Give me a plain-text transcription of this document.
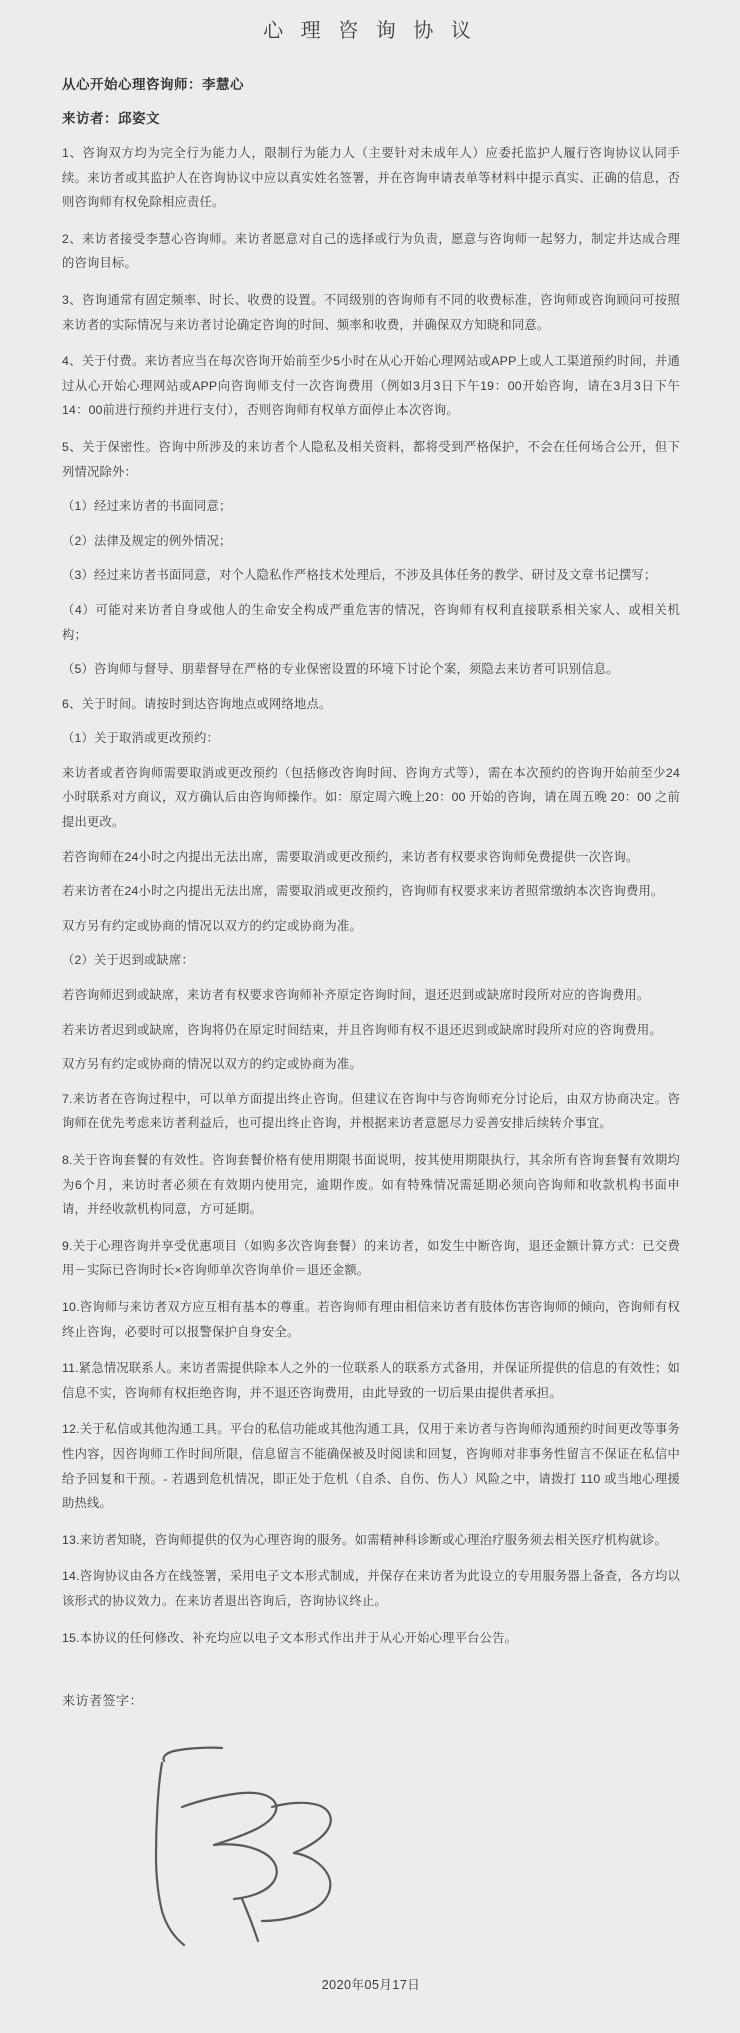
心 理 咨 询 协 议
从心开始心理咨询师：李慧心
来访者：邱姿文

1、咨询双方均为完全行为能力人，限制行为能力人（主要针对未成年人）应委托监护人履行咨询协议认同手续。来访者或其监护人在咨询协议中应以真实姓名签署，并在咨询申请表单等材料中提示真实、正确的信息，否则咨询师有权免除相应责任。

2、来访者接受李慧心咨询师。来访者愿意对自己的选择或行为负责，愿意与咨询师一起努力，制定并达成合理的咨询目标。

3、咨询通常有固定频率、时长、收费的设置。不同级别的咨询师有不同的收费标准，咨询师或咨询顾问可按照来访者的实际情况与来访者讨论确定咨询的时间、频率和收费，并确保双方知晓和同意。

4、关于付费。来访者应当在每次咨询开始前至少5小时在从心开始心理网站或APP上或人工渠道预约时间，并通过从心开始心理网站或APP向咨询师支付一次咨询费用（例如3月3日下午19：00开始咨询，请在3月3日下午14：00前进行预约并进行支付），否则咨询师有权单方面停止本次咨询。

5、关于保密性。咨询中所涉及的来访者个人隐私及相关资料，都将受到严格保护，不会在任何场合公开，但下列情况除外：

（1）经过来访者的书面同意；

（2）法律及规定的例外情况；

（3）经过来访者书面同意，对个人隐私作严格技术处理后，不涉及具体任务的教学、研讨及文章书记撰写；

（4）可能对来访者自身或他人的生命安全构成严重危害的情况，咨询师有权利直接联系相关家人、或相关机构；

（5）咨询师与督导、朋辈督导在严格的专业保密设置的环境下讨论个案，须隐去来访者可识别信息。

6、关于时间。请按时到达咨询地点或网络地点。

（1）关于取消或更改预约：

来访者或者咨询师需要取消或更改预约（包括修改咨询时间、咨询方式等），需在本次预约的咨询开始前至少24小时联系对方商议，双方确认后由咨询师操作。如：原定周六晚上20：00 开始的咨询，请在周五晚 20：00 之前提出更改。

若咨询师在24小时之内提出无法出席，需要取消或更改预约，来访者有权要求咨询师免费提供一次咨询。

若来访者在24小时之内提出无法出席，需要取消或更改预约，咨询师有权要求来访者照常缴纳本次咨询费用。

双方另有约定或协商的情况以双方的约定或协商为准。

（2）关于迟到或缺席：

若咨询师迟到或缺席，来访者有权要求咨询师补齐原定咨询时间，退还迟到或缺席时段所对应的咨询费用。

若来访者迟到或缺席，咨询将仍在原定时间结束，并且咨询师有权不退还迟到或缺席时段所对应的咨询费用。

双方另有约定或协商的情况以双方的约定或协商为准。

7.来访者在咨询过程中，可以单方面提出终止咨询。但建议在咨询中与咨询师充分讨论后，由双方协商决定。咨询师在优先考虑来访者利益后，也可提出终止咨询，并根据来访者意愿尽力妥善安排后续转介事宜。

8.关于咨询套餐的有效性。咨询套餐价格有使用期限书面说明，按其使用期限执行，其余所有咨询套餐有效期均为6个月，来访时者必须在有效期内使用完，逾期作废。如有特殊情况需延期必须向咨询师和收款机构书面申请，并经收款机构同意，方可延期。

9.关于心理咨询并享受优惠项目（如购多次咨询套餐）的来访者，如发生中断咨询，退还金额计算方式：已交费用－实际已咨询时长×咨询师单次咨询单价＝退还金额。

10.咨询师与来访者双方应互相有基本的尊重。若咨询师有理由相信来访者有肢体伤害咨询师的倾向，咨询师有权终止咨询，必要时可以报警保护自身安全。

11.紧急情况联系人。来访者需提供除本人之外的一位联系人的联系方式备用，并保证所提供的信息的有效性；如信息不实，咨询师有权拒绝咨询，并不退还咨询费用，由此导致的一切后果由提供者承担。

12.关于私信或其他沟通工具。平台的私信功能或其他沟通工具，仅用于来访者与咨询师沟通预约时间更改等事务性内容，因咨询师工作时间所限，信息留言不能确保被及时阅读和回复，咨询师对非事务性留言不保证在私信中给予回复和干预。- 若遇到危机情况，即正处于危机（自杀、自伤、伤人）风险之中，请拨打 110 或当地心理援助热线。

13.来访者知晓，咨询师提供的仅为心理咨询的服务。如需精神科诊断或心理治疗服务须去相关医疗机构就诊。

14.咨询协议由各方在线签署，采用电子文本形式制成，并保存在来访者为此设立的专用服务器上备查，各方均以该形式的协议效力。在来访者退出咨询后，咨询协议终止。

15.本协议的任何修改、补充均应以电子文本形式作出并于从心开始心理平台公告。

来访者签字：
2020年05月17日
